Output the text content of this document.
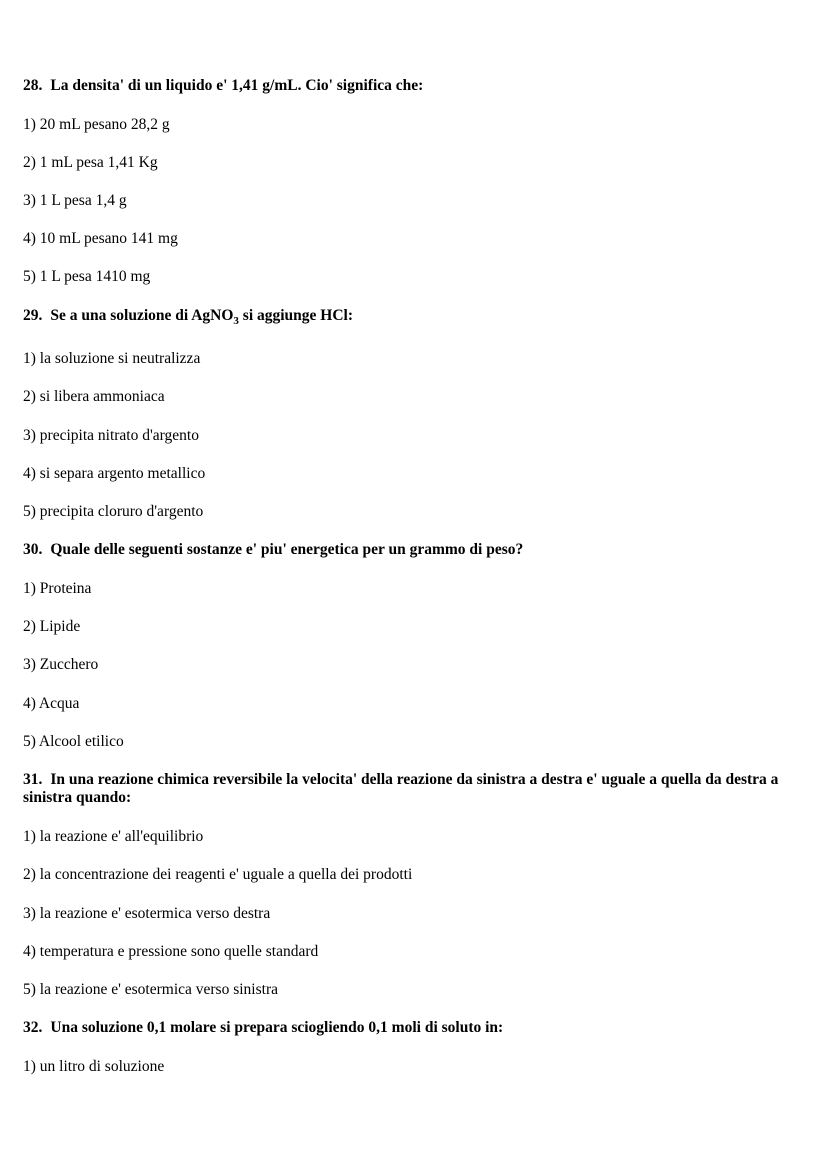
28. La densita' di un liquido e' 1,41 g/mL. Cio' significa che:
1) 20 mL pesano 28,2 g
2) 1 mL pesa 1,41 Kg
3) 1 L pesa 1,4 g
4) 10 mL pesano 141 mg
5) 1 L pesa 1410 mg
29. Se a una soluzione di AgNO$_3$ si aggiunge HCl:
1) la soluzione si neutralizza
2) si libera ammoniaca
3) precipita nitrato d'argento
4) si separa argento metallico
5) precipita cloruro d'argento
30. Quale delle seguenti sostanze e' piu' energetica per un grammo di peso?
1) Proteina
2) Lipide
3) Zucchero
4) Acqua
5) Alcool etilico
31. In una reazione chimica reversibile la velocita' della reazione da sinistra a destra e' uguale a quella da destra a sinistra quando:
1) la reazione e' all'equilibrio
2) la concentrazione dei reagenti e' uguale a quella dei prodotti
3) la reazione e' esotermica verso destra
4) temperatura e pressione sono quelle standard
5) la reazione e' esotermica verso sinistra
32. Una soluzione 0,1 molare si prepara sciogliendo 0,1 moli di soluto in:
1) un litro di soluzione
